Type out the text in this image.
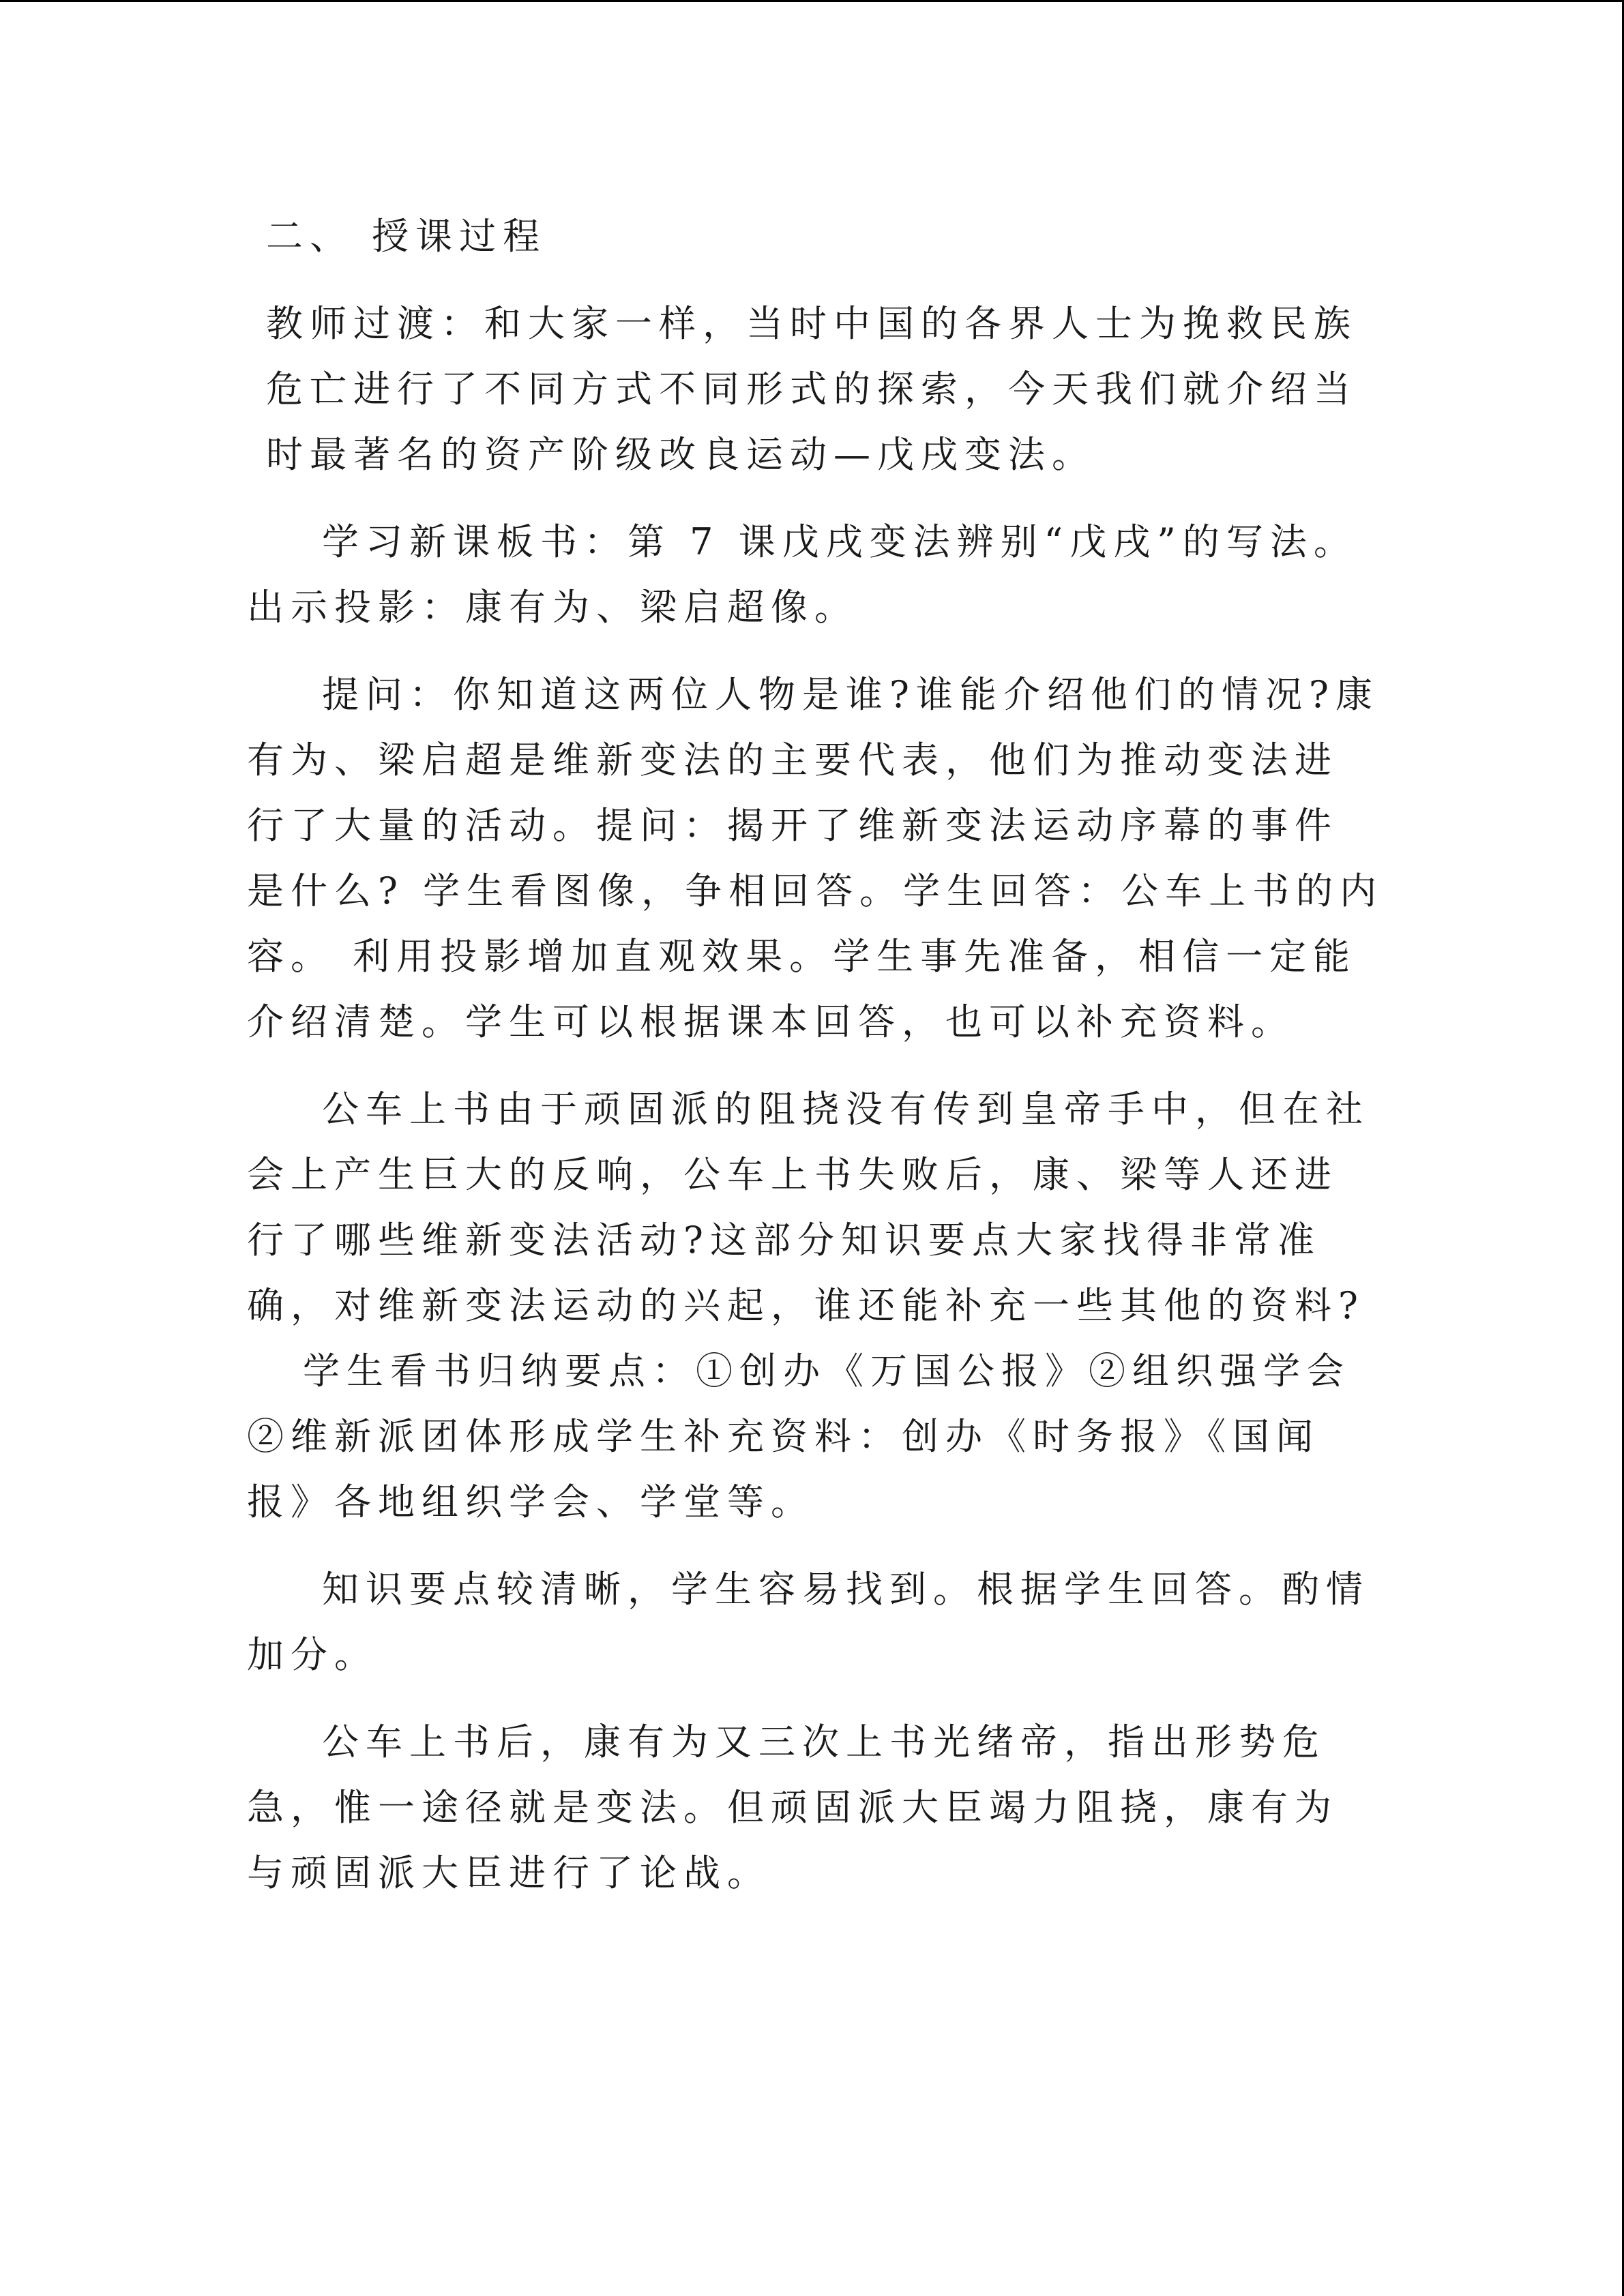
二、 授课过程
教师过渡：和大家一样，当时中国的各界人士为挽救民族
危亡进行了不同方式不同形式的探索，今天我们就介绍当
时最著名的资产阶级改良运动—戊戌变法。
学习新课板书：第 7 课戊戌变法辨别“戊戌”的写法。
出示投影：康有为、梁启超像。
提问：你知道这两位人物是谁?谁能介绍他们的情况?康
有为、梁启超是维新变法的主要代表，他们为推动变法进
行了大量的活动。提问：揭开了维新变法运动序幕的事件
是什么? 学生看图像，争相回答。学生回答：公车上书的内
容。 利用投影增加直观效果。学生事先准备，相信一定能
介绍清楚。学生可以根据课本回答，也可以补充资料。
公车上书由于顽固派的阻挠没有传到皇帝手中，但在社
会上产生巨大的反响，公车上书失败后，康、梁等人还进
行了哪些维新变法活动?这部分知识要点大家找得非常准
确，对维新变法运动的兴起，谁还能补充一些其他的资料?
学生看书归纳要点：①创办《万国公报》②组织强学会
②维新派团体形成学生补充资料：创办《时务报》《国闻
报》各地组织学会、学堂等。
知识要点较清晰，学生容易找到。根据学生回答。酌情
加分。
公车上书后，康有为又三次上书光绪帝，指出形势危
急，惟一途径就是变法。但顽固派大臣竭力阻挠，康有为
与顽固派大臣进行了论战。
